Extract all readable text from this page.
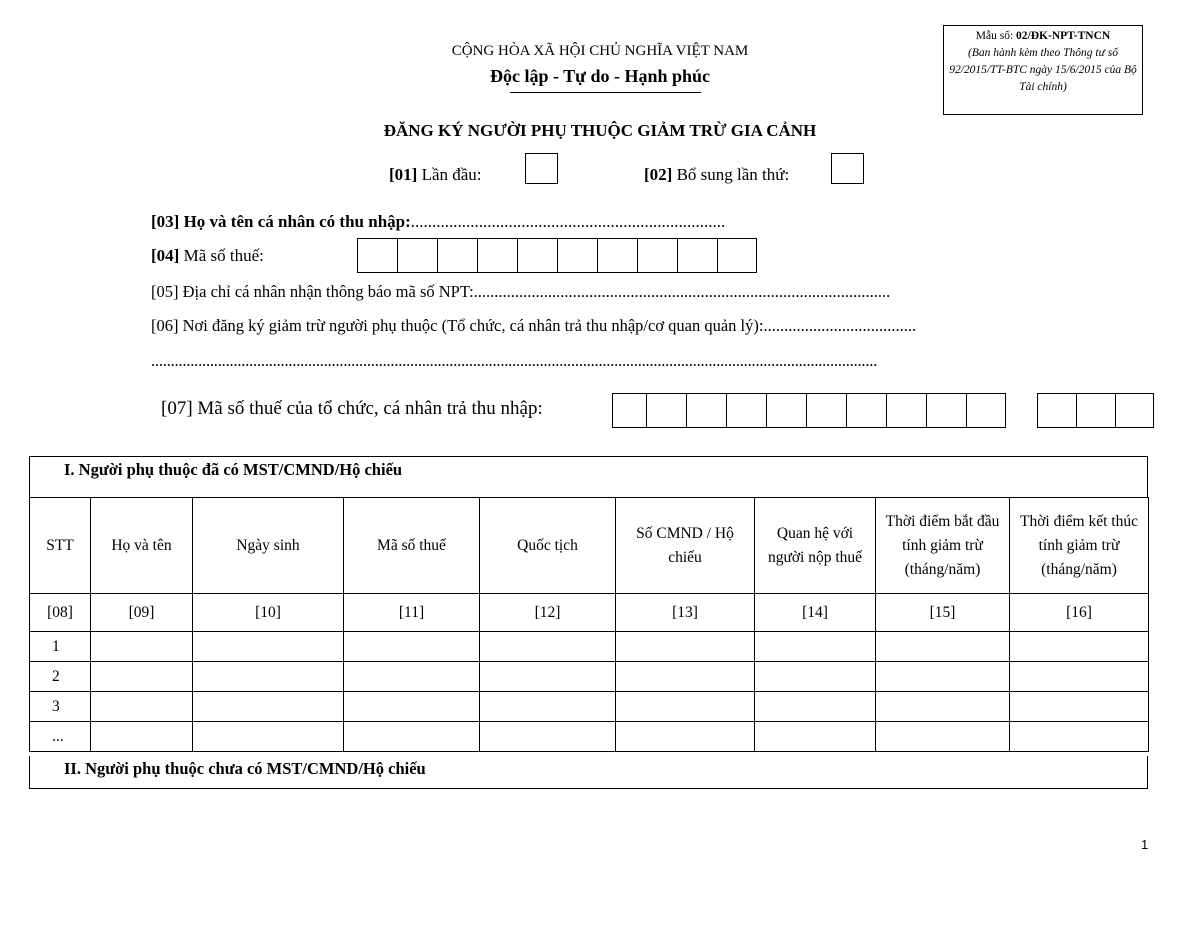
Mẫu số: 02/ĐK-NPT-TNCN
(Ban hành kèm theo Thông tư số 92/2015/TT-BTC ngày 15/6/2015 của Bộ Tài chính)
CỘNG HÒA XÃ HỘI CHỦ NGHĨA VIỆT NAM
Độc lập - Tự do - Hạnh phúc
ĐĂNG KÝ NGƯỜI PHỤ THUỘC GIẢM TRỪ GIA CẢNH
[01] Lần đầu:	[02] Bổ sung lần thứ:
[03] Họ và tên cá nhân có thu nhập:..........................................................................
[04] Mã số thuế:
[05] Địa chỉ cá nhân nhận thông báo mã số NPT:.....................................................................................................
[06] Nơi đăng ký giảm trừ người phụ thuộc (Tổ chức, cá nhân trả thu nhập/cơ quan quản lý):.....................................
.........................................................................................................................................................................................
[07] Mã số thuế của tổ chức, cá nhân trả thu nhập:
I. Người phụ thuộc đã có MST/CMND/Hộ chiếu
STT	Họ và tên	Ngày sinh	Mã số thuế	Quốc tịch	Số CMND / Hộ chiếu	Quan hệ với người nộp thuế	Thời điểm bắt đầu tính giảm trừ (tháng/năm)	Thời điểm kết thúc tính giảm trừ (tháng/năm)
[08]	[09]	[10]	[11]	[12]	[13]	[14]	[15]	[16]
1								
2								
3								
...								
II. Người phụ thuộc chưa có MST/CMND/Hộ chiếu
1
